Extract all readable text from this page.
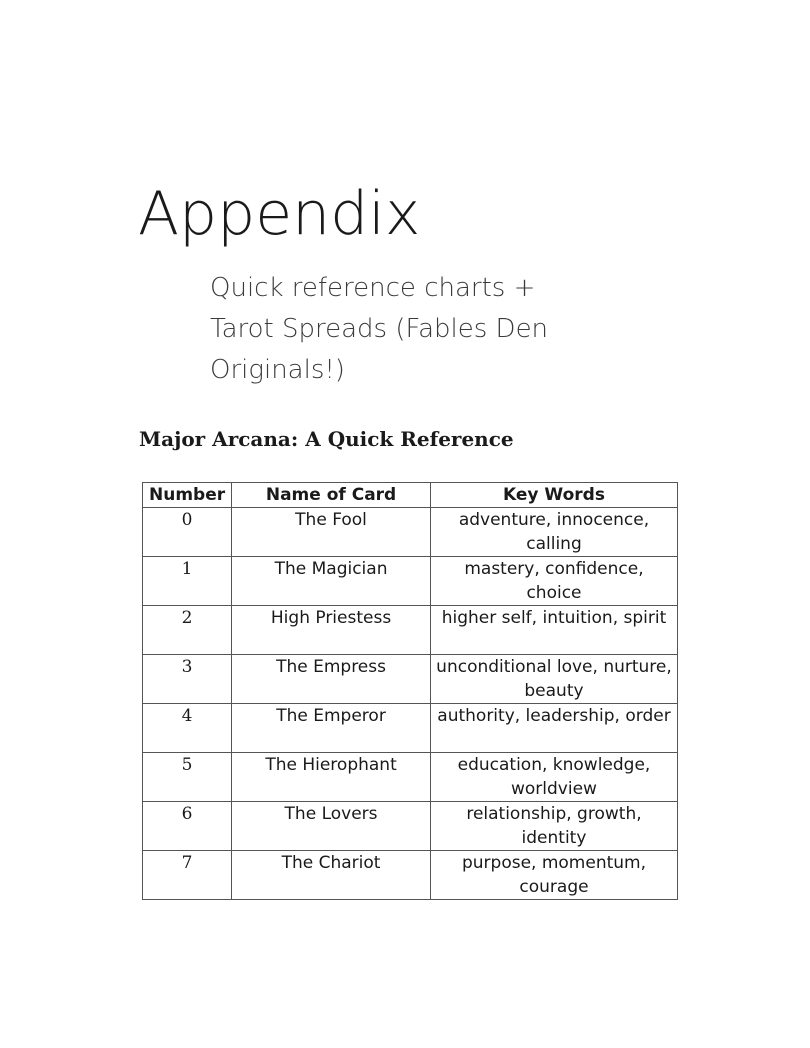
Appendix
Quick reference charts +
Tarot Spreads (Fables Den
Originals!)
Major Arcana: A Quick Reference
Number	Name of Card	Key Words
0	The Fool	adventure, innocence, calling
1	The Magician	mastery, confidence, choice
2	High Priestess	higher self, intuition, spirit
3	The Empress	unconditional love, nurture, beauty
4	The Emperor	authority, leadership, order
5	The Hierophant	education, knowledge, worldview
6	The Lovers	relationship, growth, identity
7	The Chariot	purpose, momentum, courage
